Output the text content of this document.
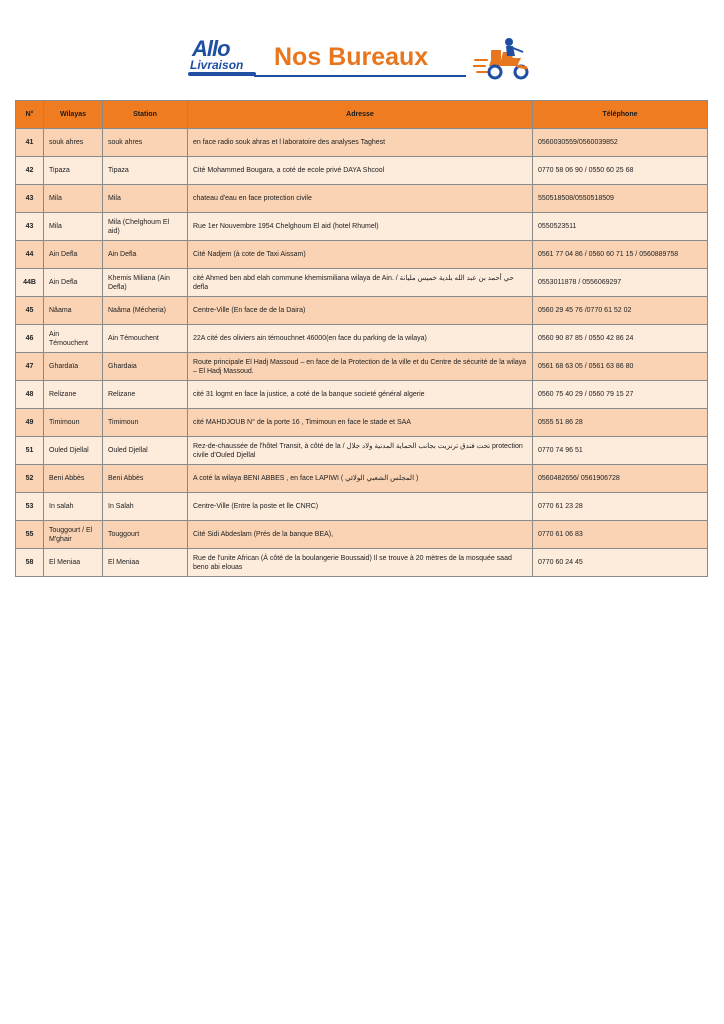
Allo
Livraison Nos Bureaux
N°	Wilayas	Station	Adresse	Téléphone
41	souk ahres	souk ahres	en face radio souk ahras et l laboratoire des analyses Taghest	0560030559/0560039852
42	Tipaza	Tipaza	Cité Mohammed Bougara, a coté de ecole privé DAYA Shcool	0770 58 06 90 / 0550 60 25 68
43	Mila	Mila	chateau d'eau en face protection civile	550518508/0550518509
43	Mila	Mila (Chelghoum El aid)	Rue 1er Nouvembre 1954 Chelghoum El aid (hotel Rhumel)	0550523511
44	Ain Defla	Ain Defla	Cité Nadjem (à cote de Taxi Aissam)	0561 77 04 86 / 0560 60 71 15 / 0560889758
44B	Ain Defla	Khemis Miliana (Ain Defla)	cité Ahmed ben abd elah commune khemismiliana wilaya de Ain. / حي أحمد بن عبد الله بلدية خميس مليانة defla	0553011878 / 0556069297
45	Nâama	Naâma (Mécheria)	Centre-Ville (En face de de la Daira)	0560 29 45 76 /0770 61 52 02
46	Ain Témouchent	Ain Témouchent	22A cité des oliviers ain témouchnet 46000(en face du parking de la wilaya)	0560 90 87 85 / 0550 42 86 24
47	Ghardaïa	Ghardaia	Route principale El Hadj Massoud – en face de la Protection de la ville et du Centre de sécurité de la wilaya – El Hadj Massoud.	0561 68 63 05 / 0561 63 86 80
48	Relizane	Relizane	cité 31 logmt en face la justice, a coté de la banque societé général algerie	0560 75 40 29 / 0560 79 15 27
49	Timimoun	Timimoun	cité MAHDJOUB N° de la porte 16 , Timimoun en face le stade et SAA	0555 51 86 28
51	Ouled Djellal	Ouled Djellal	Rez-de-chaussée de l'hôtel Transit, à côté de la / تحت فندق ترنزيت بجانب الحماية المدنية ولاد جلال protection civile d'Ouled Djellal	0770 74 96 51
52	Beni Abbès	Beni Abbès	A coté la wilaya BENI ABBES , en face LAPIWI ( المجلس الشعبي الولائي )	0560482656/ 0561906728
53	In salah	In Salah	Centre-Ville (Entre la poste et lle CNRC)	0770 61 23 28
55	Touggourt / El M'ghair	Touggourt	Cité Sidi Abdeslam (Prés de la banque BEA),	0770 61 06 83
58	El Meniaa	El Meniaa	Rue de l'unite African (À côté de la boulangerie Boussaid) Il se trouve à 20 mètres de la mosquée saad beno abi elouas	0770 60 24 45
